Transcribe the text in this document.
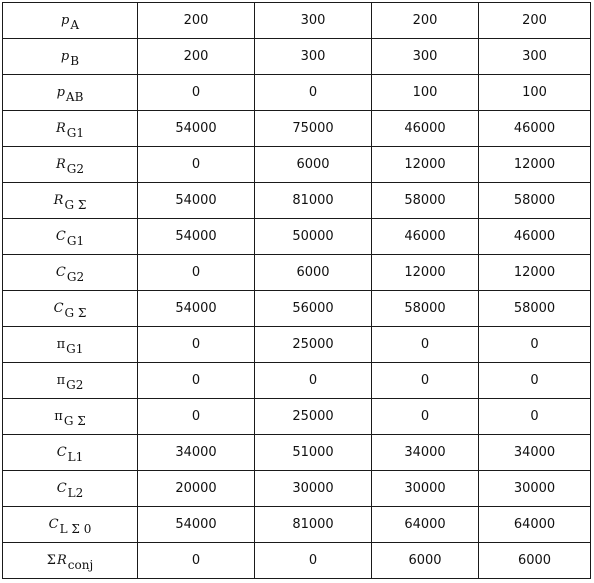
pA	200	300	200	200
pB	200	300	300	300
pAB	0	0	100	100
RG1	54000	75000	46000	46000
RG2	0	6000	12000	12000
RG Σ	54000	81000	58000	58000
CG1	54000	50000	46000	46000
CG2	0	6000	12000	12000
CG Σ	54000	56000	58000	58000
πG1	0	25000	0	0
πG2	0	0	0	0
πG Σ	0	25000	0	0
CL1	34000	51000	34000	34000
CL2	20000	30000	30000	30000
CL Σ 0	54000	81000	64000	64000
ΣRconj	0	0	6000	6000
